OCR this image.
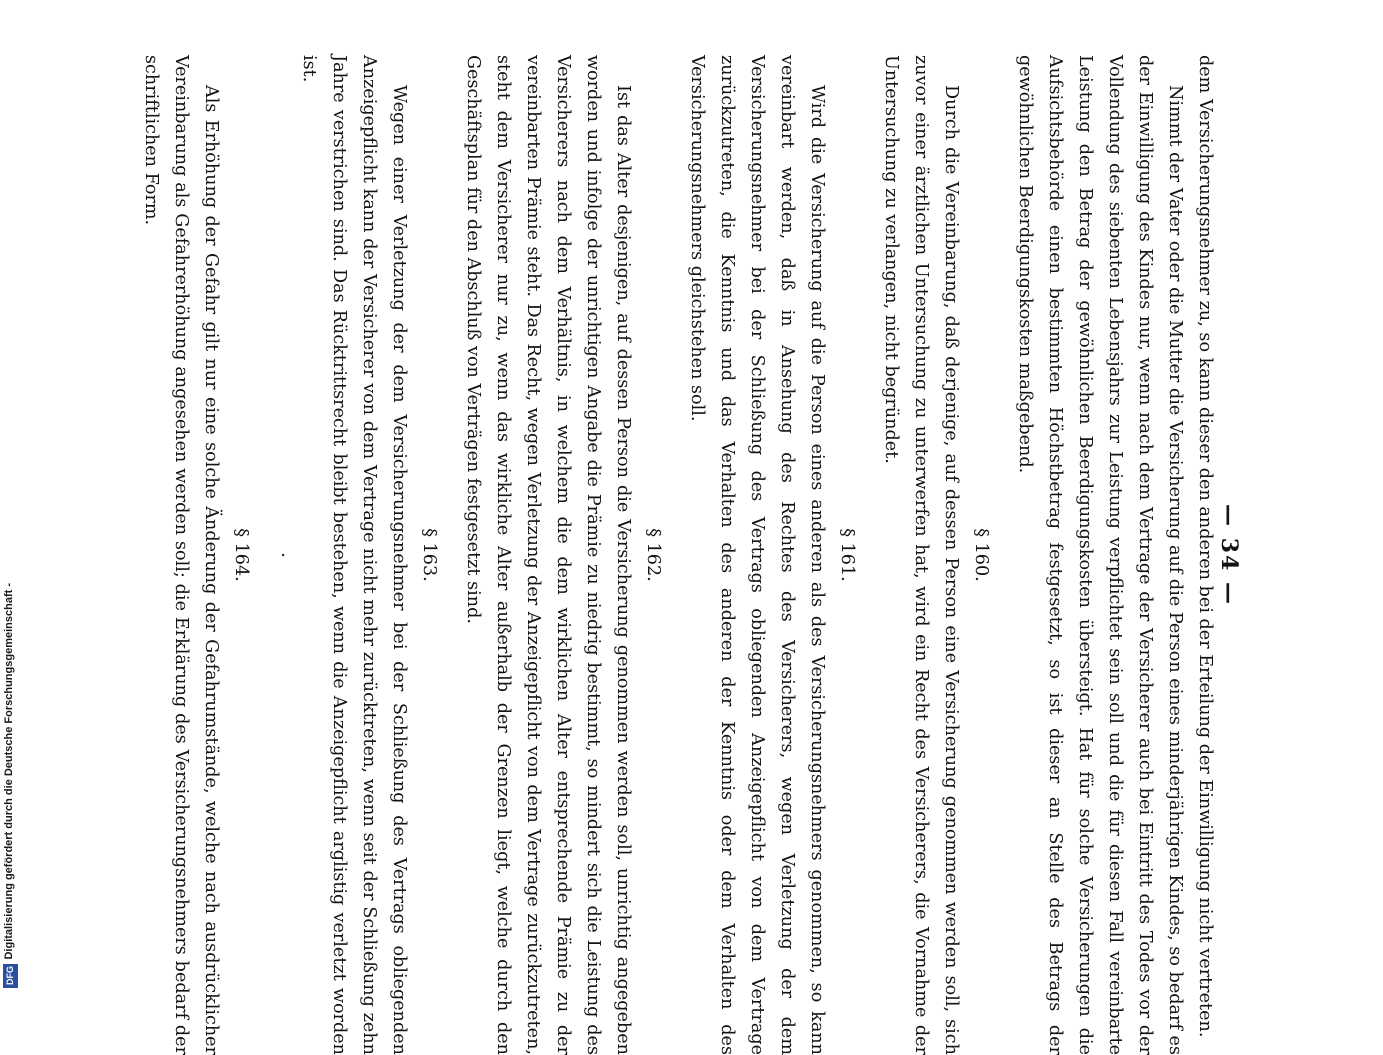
— 34 —

dem Versicherungsnehmer zu, so kann dieser den anderen bei der Erteilung der Einwilligung nicht vertreten.

Nimmt der Vater oder die Mutter die Versicherung auf die Person eines minderjährigen Kindes, so bedarf es der Einwilligung des Kindes nur, wenn nach dem Vertrage der Versicherer auch bei Eintritt des Todes vor der Vollendung des siebenten Lebensjahrs zur Leistung verpflichtet sein soll und die für diesen Fall vereinbarte Leistung den Betrag der gewöhnlichen Beerdigungskosten übersteigt. Hat für solche Versicherungen die Aufsichtsbehörde einen bestimmten Höchstbetrag festgesetzt, so ist dieser an Stelle des Betrags der gewöhnlichen Beerdigungskosten maßgebend.

§ 160.

Durch die Vereinbarung, daß derjenige, auf dessen Person eine Versicherung genommen werden soll, sich zuvor einer ärztlichen Untersuchung zu unterwerfen hat, wird ein Recht des Versicherers, die Vornahme der Untersuchung zu verlangen, nicht begründet.

§ 161.

Wird die Versicherung auf die Person eines anderen als des Versicherungsnehmers genommen, so kann vereinbart werden, daß in Ansehung des Rechtes des Versicherers, wegen Verletzung der dem Versicherungsnehmer bei der Schließung des Vertrags obliegenden Anzeigepflicht von dem Vertrage zurückzutreten, die Kenntnis und das Verhalten des anderen der Kenntnis oder dem Verhalten des Versicherungsnehmers gleichstehen soll.

§ 162.

Ist das Alter desjenigen, auf dessen Person die Versicherung genommen werden soll, unrichtig angegeben worden und infolge der unrichtigen Angabe die Prämie zu niedrig bestimmt, so mindert sich die Leistung des Versicherers nach dem Verhältnis, in welchem die dem wirklichen Alter entsprechende Prämie zu der vereinbarten Prämie steht. Das Recht, wegen Verletzung der Anzeigepflicht von dem Vertrage zurückzutreten, steht dem Versicherer nur zu, wenn das wirkliche Alter außerhalb der Grenzen liegt, welche durch den Geschäftsplan für den Abschluß von Verträgen festgesetzt sind.

§ 163.

Wegen einer Verletzung der dem Versicherungsnehmer bei der Schließung des Vertrags obliegenden Anzeigepflicht kann der Versicherer von dem Vertrage nicht mehr zurücktreten, wenn seit der Schließung zehn Jahre verstrichen sind. Das Rücktrittsrecht bleibt bestehen, wenn die Anzeigepflicht arglistig verletzt worden ist.

·
§ 164.

Als Erhöhung der Gefahr gilt nur eine solche Änderung der Gefahrumstände, welche nach ausdrücklicher Vereinbarung als Gefahrerhöhung angesehen werden soll; die Erklärung des Versicherungsnehmers bedarf der schriftlichen Form.

Digitalisierung gefördert durch die Deutsche Forschungsgemeinschaft -
DFG
